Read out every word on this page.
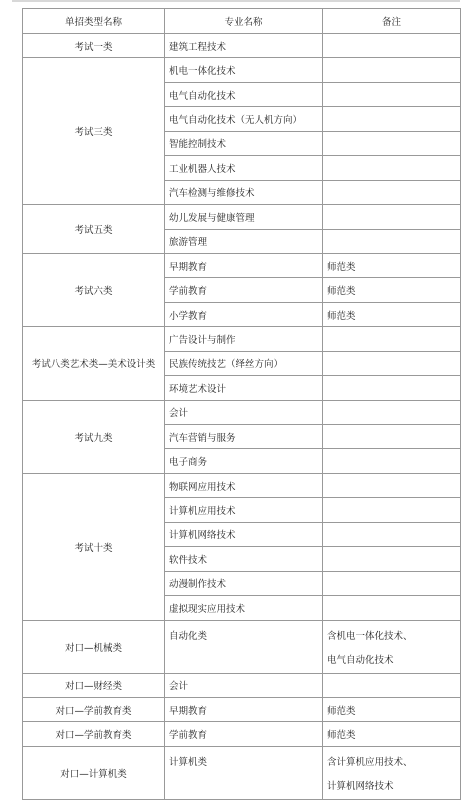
单招类型名称	专业名称	备注
考试一类	建筑工程技术	
考试三类	机电一体化技术	
	电气自动化技术	
	电气自动化技术（无人机方向）	
	智能控制技术	
	工业机器人技术	
	汽车检测与维修技术	
考试五类	幼儿发展与健康管理	
	旅游管理	
考试六类	早期教育	师范类
	学前教育	师范类
	小学教育	师范类
考试八类艺术类—美术设计类	广告设计与制作	
	民族传统技艺（绎丝方向）	
	环境艺术设计	
考试九类	会计	
	汽车营销与服务	
	电子商务	
考试十类	物联网应用技术	
	计算机应用技术	
	计算机网络技术	
	软件技术	
	动漫制作技术	
	虚拟现实应用技术	
对口—机械类	自动化类	含机电一体化技术、
电气自动化技术

对口—财经类	会计	
对口—学前教育类	早期教育	师范类
对口—学前教育类	学前教育	师范类
对口—计算机类	计算机类	含计算机应用技术、
计算机网络技术
